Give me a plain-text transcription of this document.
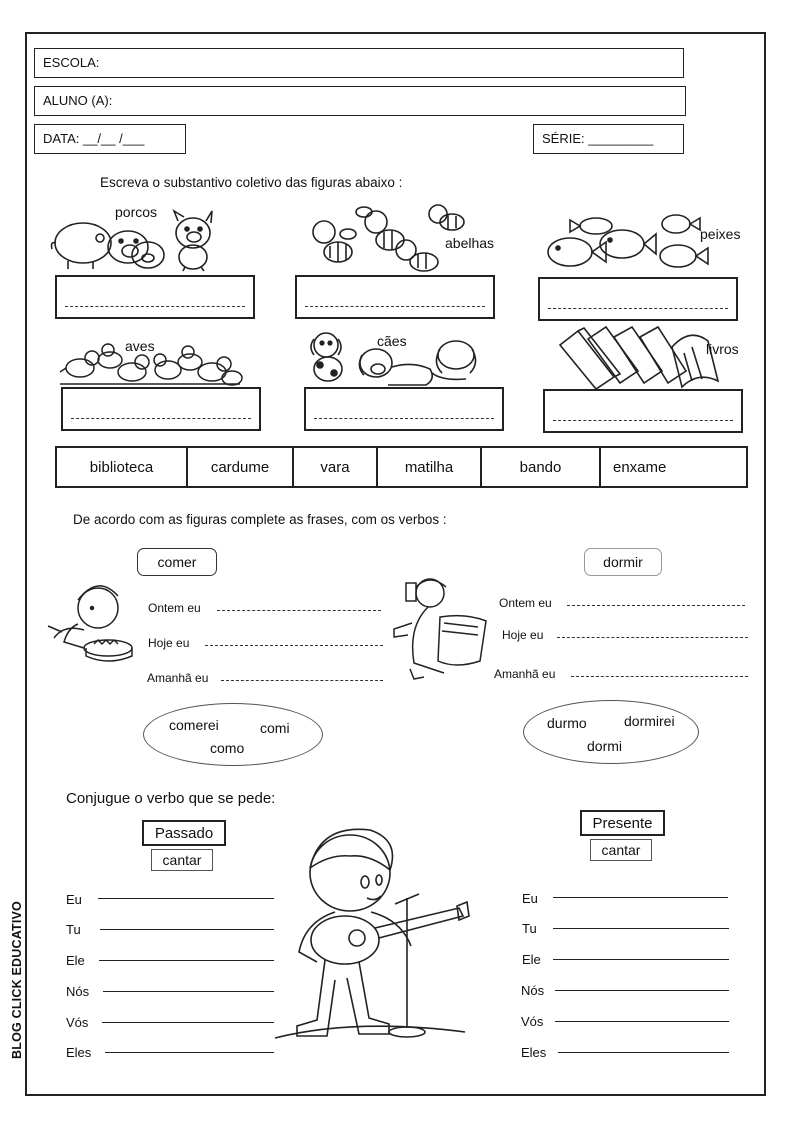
ESCOLA:
ALUNO (A):
DATA: __/__ /___	SÉRIE: _________
Escreva o substantivo coletivo das figuras abaixo :
porcos
abelhas
peixes
aves	cães	livros
biblioteca	cardume	vara	matilha	bando	enxame
De acordo com as figuras complete as frases, com os verbos :
comer	dormir
Ontem eu
Hoje eu
Amanhã eu
Ontem eu
Hoje eu
Amanhã eu
comerei	comi
como
durmo	dormirei
dormi
Conjugue o verbo que se pede:
Passado
cantar
Presente
cantar
Eu
Tu
Ele
Nós
Vós
Eles
Eu
Tu
Ele
Nós
Vós
Eles
BLOG CLICK EDUCATIVO
